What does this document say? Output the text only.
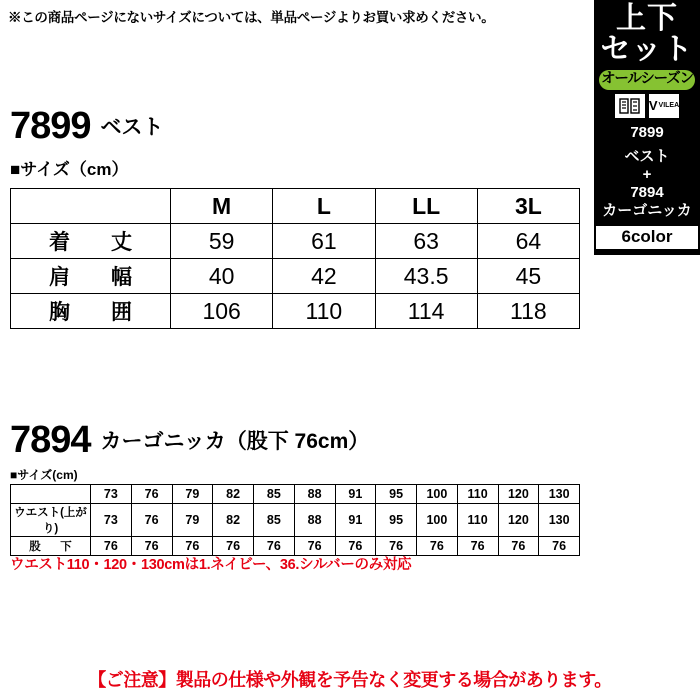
※この商品ページにないサイズについては、単品ページよりお買い求めください。	上下
セット
オールシーズン
V VILEA
7899
ベスト
+
7894
カーゴニッカ
6color
7899 ベスト
■サイズ（cm）
	M	L	LL	3L
着　丈	59	61	63	64
肩　幅	40	42	43.5	45
胸　囲	106	110	114	118
7894 カーゴニッカ（股下 76cm）
■サイズ(cm)
	73	76	79	82	85	88	91	95	100	110	120	130
ウエスト(上がり)	73	76	79	82	85	88	91	95	100	110	120	130
股　下	76	76	76	76	76	76	76	76	76	76	76	76
ウエスト110・120・130cmは1.ネイビー、36.シルバーのみ対応
【ご注意】製品の仕様や外観を予告なく変更する場合があります。
